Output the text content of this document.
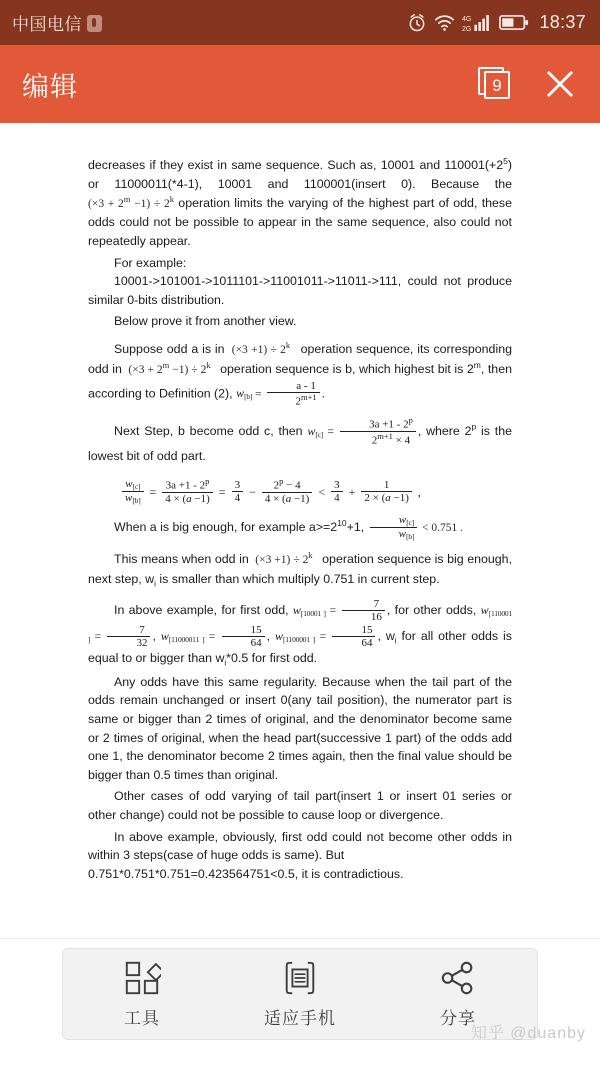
中国电信	4G
2G	18:37
编辑	9

decreases if they exist in same sequence. Such as, 10001 and $110001(+2^5)$ or 11000011(*4-1), 10001 and 1100001(insert 0). Because the $(\times 3 + 2^m -1) \div 2^k$ operation limits the varying of the highest part of odd, these odds could not be possible to appear in the same sequence, also could not repeatedly appear.

For example:

10001->101001->1011101->11001011->11011->111, could not produce similar 0-bits distribution.

Below prove it from another view.

Suppose odd a is in  $(\times 3 +1) \div 2^k$   operation sequence, its corresponding odd in  $(\times 3 + 2^m -1) \div 2^k$   operation sequence is b, which highest bit is 2$^m$, then according to Definition (2), $w[b] = \frac{a - 1}{2^{m+1}}$ .

Next Step, b become odd c, then $w[c] = \frac{3a +1 - 2^p}{2^{m+1} \times 4}$ , where 2$^p$ is the lowest bit of odd part.

$\frac{w[c]}{w[b]} = \frac{3a +1 - 2^p}{4 \times (a -1)} = \frac{3}{4} - \frac{2^p - 4}{4 \times (a -1)} < \frac{3}{4} + \frac{1}{2 \times (a -1)}$ ,

When a is big enough, for example $a>=2^{10}+1$, $\frac{w[c]}{w[b]} < 0.751$ .

This means when odd in  $(\times 3 +1) \div 2^k$   operation sequence is big enough, next step, $w_i$ is smaller than which multiply 0.751 in current step.

In above example, for first odd, w[10001 ] = $\frac{7}{16}$ , for other odds, w[110001 ] = $\frac{7}{32}$ , w[11000011 ] = $\frac{15}{64}$ , w[1100001 ] = $\frac{15}{64}$ , $w_i$ for all other odds is equal to or bigger than $w_i*0.5$ for first odd.

Any odds have this same regularity. Because when the tail part of the odds remain unchanged or insert 0(any tail position), the numerator part is same or bigger than 2 times of original, and the denominator become same or 2 times of original, when the head part(successive 1 part) of the odds add one 1, the denominator become 2 times again, then the final value should be bigger than 0.5 times than original.

Other cases of odd varying of tail part(insert 1 or insert 01 series or other change) could not be possible to cause loop or divergence.

In above example, obviously, first odd could not become other odds in within 3 steps(case of huge odds is same). But

0.751*0.751*0.751=0.423564751<0.5, it is contradictious.

工具	适应手机	分享
知乎 @duanby
